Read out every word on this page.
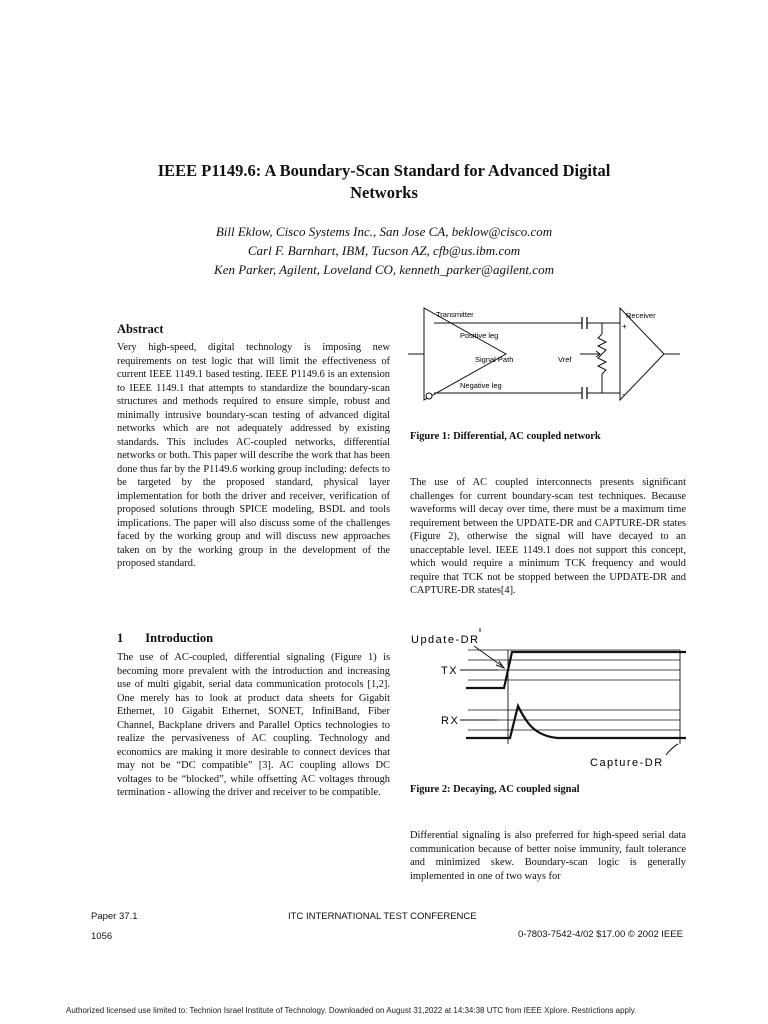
IEEE P1149.6: A Boundary-Scan Standard for Advanced Digital
Networks
Bill Eklow, Cisco Systems Inc., San Jose CA, beklow@cisco.com
Carl F. Barnhart, IBM, Tucson AZ, cfb@us.ibm.com
Ken Parker, Agilent, Loveland CO, kenneth_parker@agilent.com
Abstract
Very high-speed, digital technology is imposing new requirements on test logic that will limit the effectiveness of current IEEE 1149.1 based testing. IEEE P1149.6 is an extension to IEEE 1149.1 that attempts to standardize the boundary-scan structures and methods required to ensure simple, robust and minimally intrusive boundary-scan testing of advanced digital networks which are not adequately addressed by existing standards. This includes AC-coupled networks, differential networks or both. This paper will describe the work that has been done thus far by the P1149.6 working group including: defects to be targeted by the proposed standard, physical layer implementation for both the driver and receiver, verification of proposed solutions through SPICE modeling, BSDL and tools implications. The paper will also discuss some of the challenges faced by the working group and will discuss new approaches taken on by the working group in the development of the proposed standard.
1 Introduction
The use of AC-coupled, differential signaling (Figure 1) is becoming more prevalent with the introduction and increasing use of multi gigabit, serial data communication protocols [1,2]. One merely has to look at product data sheets for Gigabit Ethernet, 10 Gigabit Ethernet, SONET, InfiniBand, Fiber Channel, Backplane drivers and Parallel Optics technologies to realize the pervasiveness of AC coupling. Technology and economics are making it more desirable to connect devices that may not be “DC compatible” [3]. AC coupling allows DC voltages to be “blocked”, while offsetting AC voltages through termination - allowing the driver and receiver to be compatible.
Transmitter	Receiver
Positive leg
Signal Path	Vref
Negative leg
+
-
Figure 1: Differential, AC coupled network
The use of AC coupled interconnects presents significant challenges for current boundary-scan test techniques. Because waveforms will decay over time, there must be a maximum time requirement between the UPDATE-DR and CAPTURE-DR states (Figure 2), otherwise the signal will have decayed to an unacceptable level. IEEE 1149.1 does not support this concept, which would require a minimum TCK frequency and would require that TCK not be stopped between the UPDATE-DR and CAPTURE-DR states[4].
Update-DR
TX
RX
Capture-DR
Figure 2: Decaying, AC coupled signal
Differential signaling is also preferred for high-speed serial data communication because of better noise immunity, fault tolerance and minimized skew. Boundary-scan logic is generally implemented in one of two ways for
Paper 37.1
1056
ITC INTERNATIONAL TEST CONFERENCE
0-7803-7542-4/02 $17.00 © 2002 IEEE
Authorized licensed use limited to: Technion Israel Institute of Technology. Downloaded on August 31,2022 at 14:34:38 UTC from IEEE Xplore. Restrictions apply.
